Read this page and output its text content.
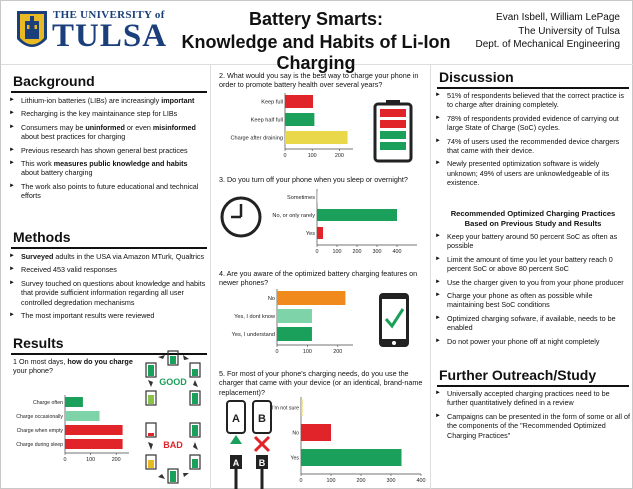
THE UNIVERSITY of
TULSA	Battery Smarts:
Knowledge and Habits of Li-Ion Charging
Evan Isbell, William LePage
The University of Tulsa
Dept. of Mechanical Engineering
Background
► Lithium-ion batteries (LIBs) are increasingly important
► Recharging is the key maintainance step for LIBs
► Consumers may be uninformed or even misinformed about best practices for charging
► Previous research has shown general best practices
► This work measures public knowledge and habits about battery charging
► The work also points to future educational and technical efforts
Methods
► Surveyed adults in the USA via Amazon MTurk, Qualtrics
► Received 453 valid responses
► Survey touched on questions about knowledge and habits that provide sufficient information regarding all user controlled degredation mechanisms
► The most important results were reviewed
Results
1 On most days, how do you charge your phone?
Charge often
Charge occasionally
Charge when empty
Charge during sleep
0	100	200
GOOD
BAD
2. What would you say is the best way to charge your phone in order to promote battery health over several years?
Keep full
Keep half full
Charge after draining
0	100	200
3. Do you turn off your phone when you sleep or overnight?
Sometimes
No, or only rarely
Yes
0	100 200 300 400
4. Are you aware of the optimized battery charging features on newer phones?
No
Yes, I dont know
Yes, I understand
0	100	200
5. For most of your phone's charging needs, do you use the charger that came with your device (or an identical, brand-name replacement)?
A B
A B
I'm not sure
No
Yes
0	100	200	300	400
Discussion
► 51% of respondents believed that the correct practice is to charge after draining completely.
► 78% of respondents provided evidence of carrying out large State of Charge (SoC) cycles.
► 74% of users used the recommended device chargers that came with their device.
► Newly presented optimization software is widely unknown; 49% of users are unknowledgeable of its existence.
Recommended Optimized Charging Practices
Based on Previous Study and Results
► Keep your battery around 50 percent SoC as often as possible
► Limit the amount of time you let your battery reach 0 percent SoC or above 80 percent SoC
► Use the charger given to you from your phone producer
► Charge your phone as often as possible while maintaining best SoC conditions
► Optimized charging sofware, if available, needs to be enabled
► Do not power your phone off at night completely
Further Outreach/Study
► Universally accepted charging practices need to be further quantitatively defined in a review
► Campaigns can be presented in the form of some or all of the components of the "Recommended Optimized Charging Practices"
